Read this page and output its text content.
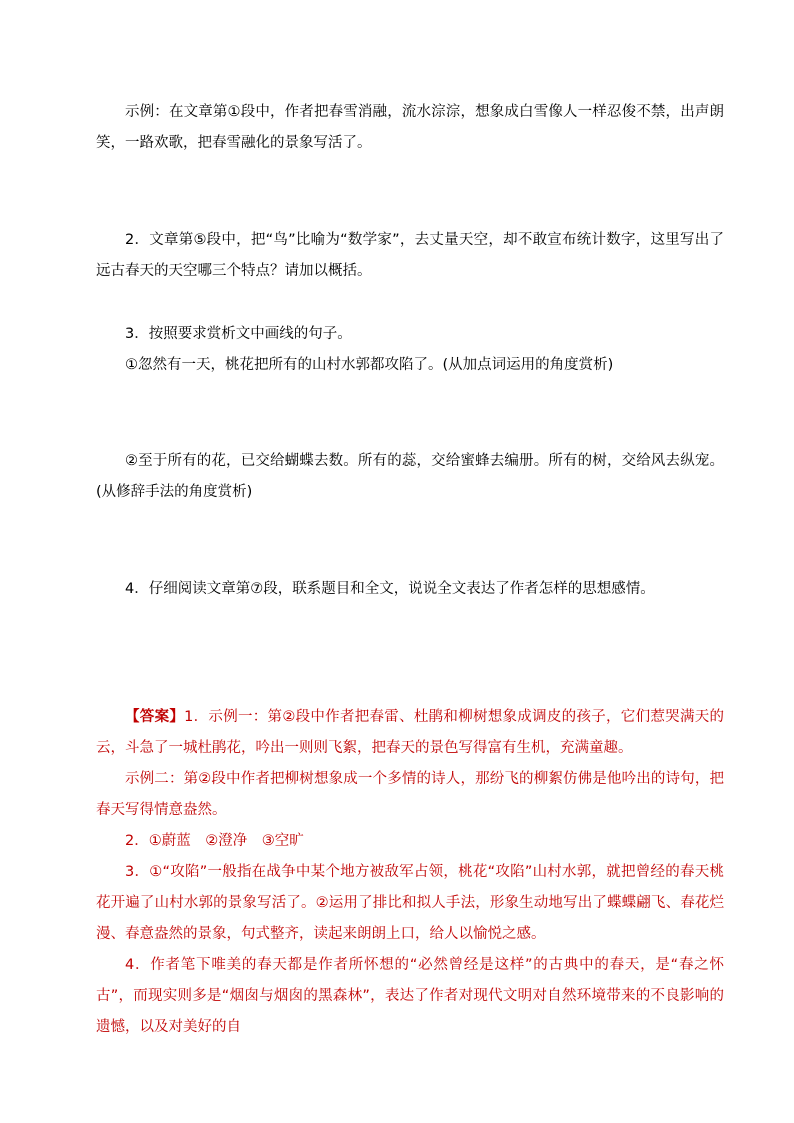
示例：在文章第①段中，作者把春雪消融，流水淙淙，想象成白雪像人一样忍俊不禁，出声朗笑，一路欢歌，把春雪融化的景象写活了。

2．文章第⑤段中，把“鸟”比喻为“数学家”，去丈量天空，却不敢宣布统计数字，这里写出了远古春天的天空哪三个特点？请加以概括。

3．按照要求赏析文中画线的句子。

①忽然有一天，桃花把所有的山村水郭都攻陷了。(从加点词运用的角度赏析)

②至于所有的花，已交给蝴蝶去数。所有的蕊，交给蜜蜂去编册。所有的树，交给风去纵宠。(从修辞手法的角度赏析)

4．仔细阅读文章第⑦段，联系题目和全文，说说全文表达了作者怎样的思想感情。

【答案】1．示例一：第②段中作者把春雷、杜鹃和柳树想象成调皮的孩子，它们惹哭满天的云，斗急了一城杜鹃花，吟出一则则飞絮，把春天的景色写得富有生机，充满童趣。

示例二：第②段中作者把柳树想象成一个多情的诗人，那纷飞的柳絮仿佛是他吟出的诗句，把春天写得情意盎然。

2．①蔚蓝　②澄净　③空旷

3．①“攻陷”一般指在战争中某个地方被敌军占领，桃花“攻陷”山村水郭，就把曾经的春天桃花开遍了山村水郭的景象写活了。②运用了排比和拟人手法，形象生动地写出了蝶蝶翩飞、春花烂漫、春意盎然的景象，句式整齐，读起来朗朗上口，给人以愉悦之感。

4．作者笔下唯美的春天都是作者所怀想的“必然曾经是这样”的古典中的春天，是“春之怀古”，而现实则多是“烟囱与烟囱的黑森林”，表达了作者对现代文明对自然环境带来的不良影响的遗憾，以及对美好的自
